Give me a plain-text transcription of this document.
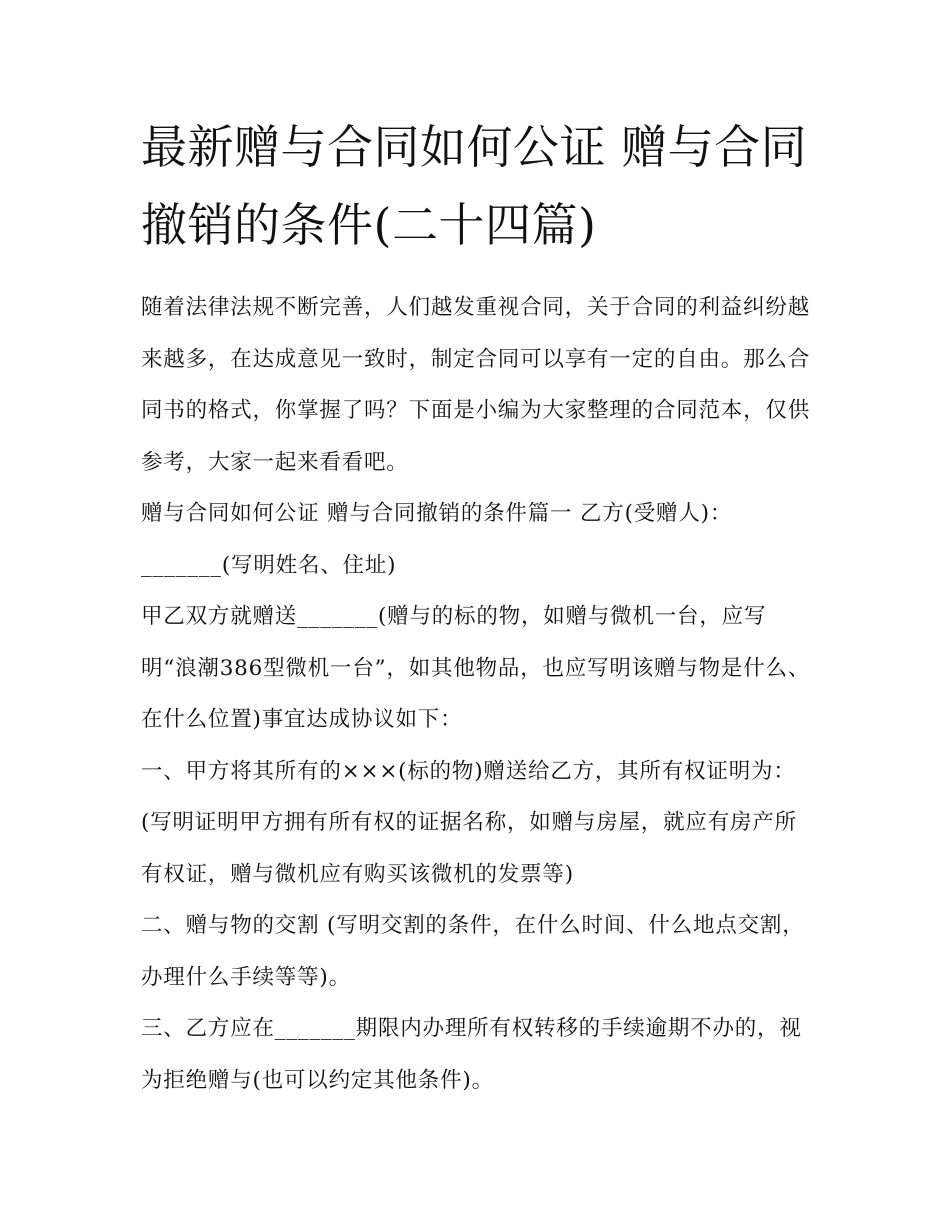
最新赠与合同如何公证 赠与合同撤销的条件(二十四篇)

随着法律法规不断完善，人们越发重视合同，关于合同的利益纠纷越来越多，在达成意见一致时，制定合同可以享有一定的自由。那么合同书的格式，你掌握了吗？下面是小编为大家整理的合同范本，仅供参考，大家一起来看看吧。

赠与合同如何公证 赠与合同撤销的条件篇一 乙方(受赠人)：_______(写明姓名、住址)

甲乙双方就赠送_______(赠与的标的物，如赠与微机一台，应写明“浪潮386型微机一台”，如其他物品，也应写明该赠与物是什么、在什么位置)事宜达成协议如下：

一、甲方将其所有的×××(标的物)赠送给乙方，其所有权证明为：(写明证明甲方拥有所有权的证据名称，如赠与房屋，就应有房产所有权证，赠与微机应有购买该微机的发票等)

二、赠与物的交割 (写明交割的条件，在什么时间、什么地点交割，办理什么手续等等)。

三、乙方应在_______期限内办理所有权转移的手续逾期不办的，视为拒绝赠与(也可以约定其他条件)。
